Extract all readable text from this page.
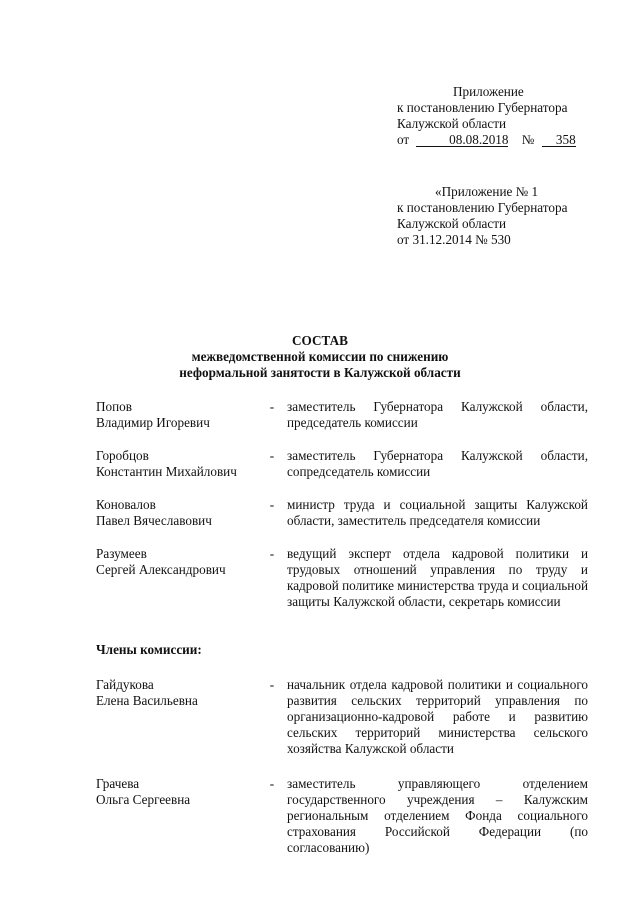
Приложение
к постановлению Губернатора
Калужской области
от	08.08.2018 № 358
«Приложение № 1
к постановлению Губернатора
Калужской области
от 31.12.2014 № 530
СОСТАВ
межведомственной комиссии по снижению
неформальной занятости в Калужской области
Попов
Владимир Игоревич
- заместитель Губернатора Калужской области, председатель комиссии
Горобцов
Константин Михайлович
- заместитель Губернатора Калужской области, сопредседатель комиссии
Коновалов
Павел Вячеславович
- министр труда и социальной защиты Калужской области, заместитель председателя комиссии
Разумеев
Сергей Александрович
- ведущий эксперт отдела кадровой политики и трудовых отношений управления по труду и кадровой политике министерства труда и социальной защиты Калужской области, секретарь комиссии
Члены комиссии:
Гайдукова
Елена Васильевна
- начальник отдела кадровой политики и социального развития сельских территорий управления по организационно-кадровой работе и развитию сельских территорий министерства сельского хозяйства Калужской области
Грачева
Ольга Сергеевна
- заместитель управляющего отделением государственного учреждения – Калужским региональным отделением Фонда социального страхования Российской Федерации (по согласованию)
